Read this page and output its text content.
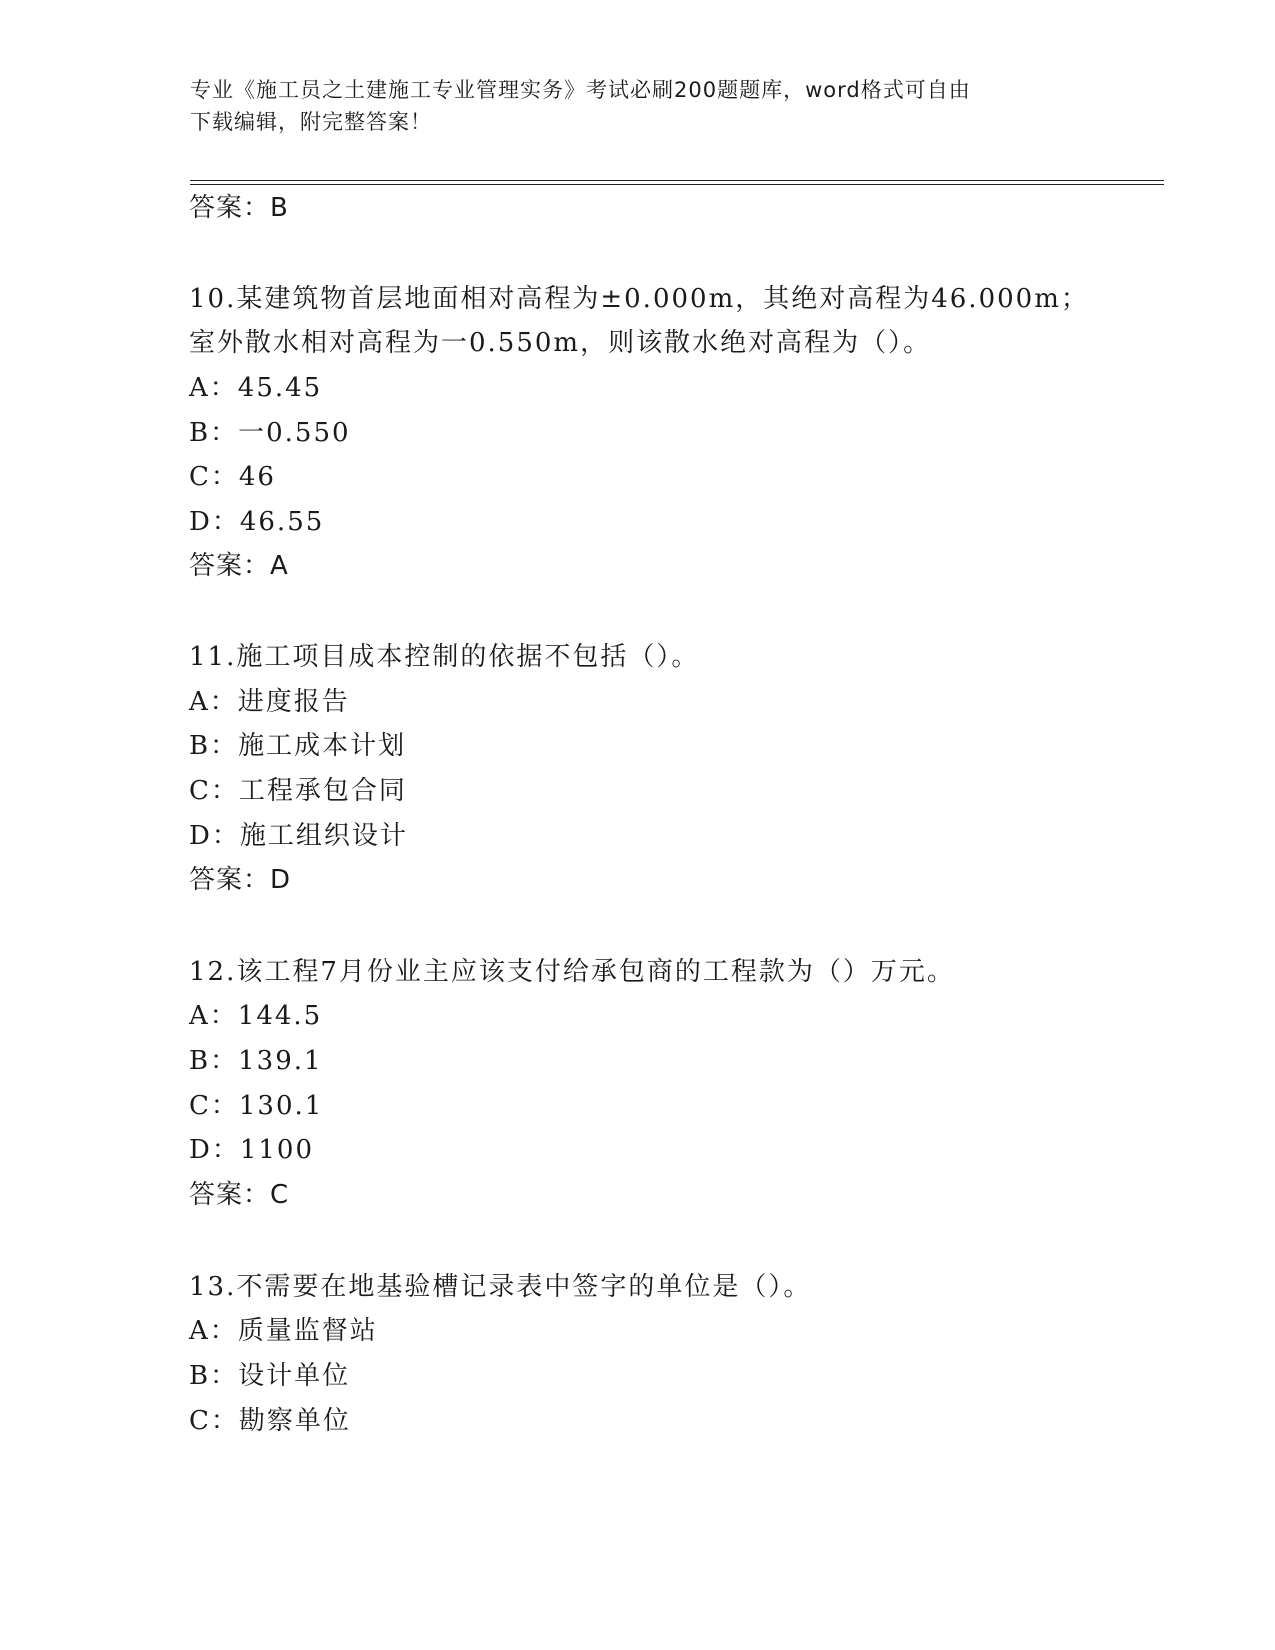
专业《施工员之土建施工专业管理实务》考试必刷200题题库，word格式可自由
下载编辑，附完整答案！
答案：B
10.某建筑物首层地面相对高程为±0.000m，其绝对高程为46.000m；
室外散水相对高程为一0.550m，则该散水绝对高程为（）。
A：45.45
B：一0.550
C：46
D：46.55
答案：A
11.施工项目成本控制的依据不包括（）。
A：进度报告
B：施工成本计划
C：工程承包合同
D：施工组织设计
答案：D
12.该工程7月份业主应该支付给承包商的工程款为（）万元。
A：144.5
B：139.1
C：130.1
D：1100
答案：C
13.不需要在地基验槽记录表中签字的单位是（）。
A：质量监督站
B：设计单位
C：勘察单位
